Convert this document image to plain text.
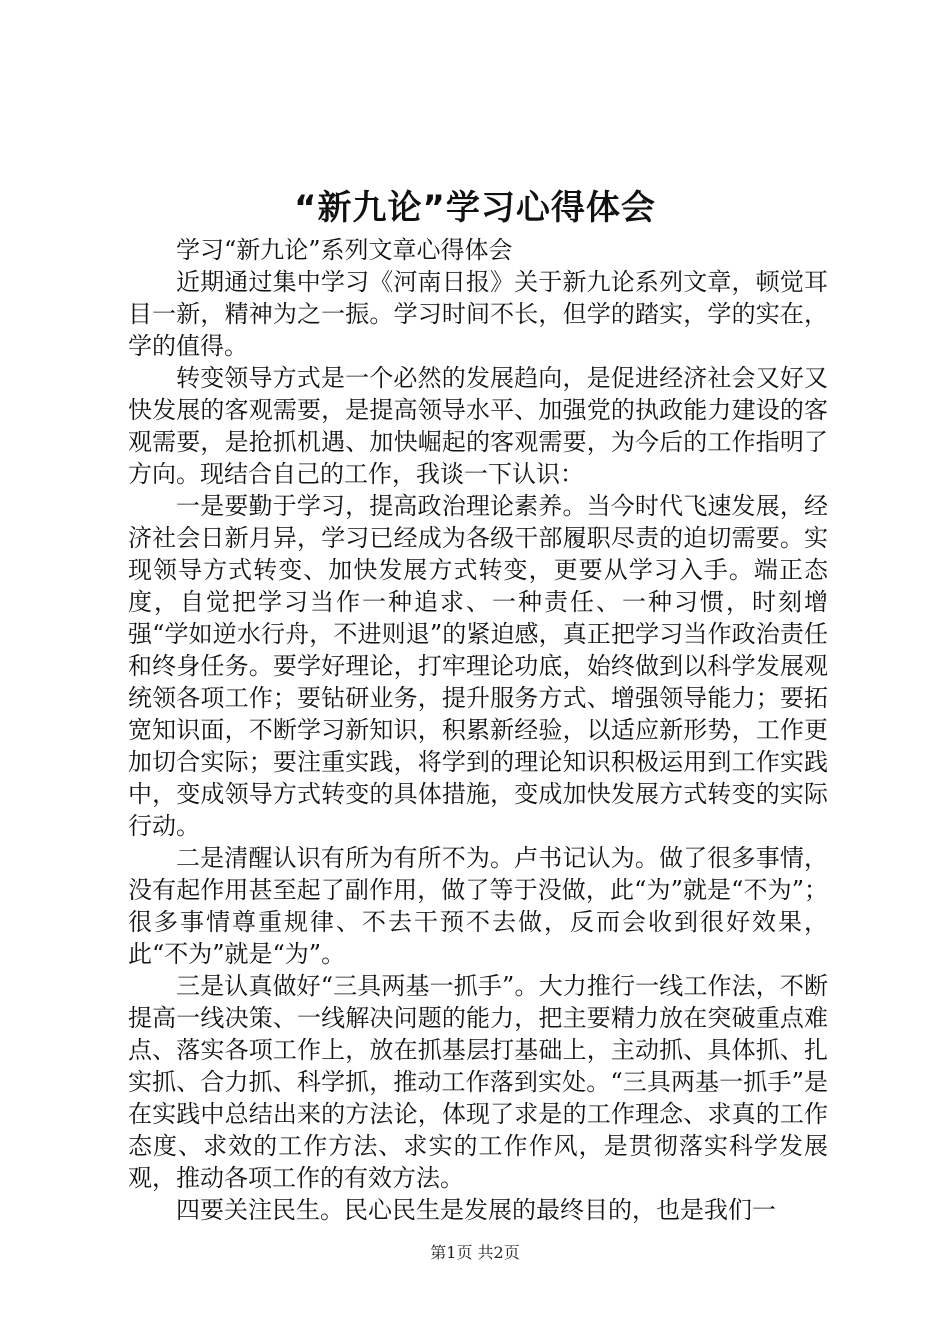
“新九论”学习心得体会

学习“新九论”系列文章心得体会

近期通过集中学习《河南日报》关于新九论系列文章，顿觉耳目一新，精神为之一振。学习时间不长，但学的踏实，学的实在，学的值得。

转变领导方式是一个必然的发展趋向，是促进经济社会又好又快发展的客观需要，是提高领导水平、加强党的执政能力建设的客观需要，是抢抓机遇、加快崛起的客观需要，为今后的工作指明了方向。现结合自己的工作，我谈一下认识：

一是要勤于学习，提高政治理论素养。当今时代飞速发展，经济社会日新月异，学习已经成为各级干部履职尽责的迫切需要。实现领导方式转变、加快发展方式转变，更要从学习入手。端正态度，自觉把学习当作一种追求、一种责任、一种习惯，时刻增强“学如逆水行舟，不进则退”的紧迫感，真正把学习当作政治责任和终身任务。要学好理论，打牢理论功底，始终做到以科学发展观统领各项工作；要钻研业务，提升服务方式、增强领导能力；要拓宽知识面，不断学习新知识，积累新经验，以适应新形势，工作更加切合实际；要注重实践，将学到的理论知识积极运用到工作实践中，变成领导方式转变的具体措施，变成加快发展方式转变的实际行动。

二是清醒认识有所为有所不为。卢书记认为。做了很多事情，没有起作用甚至起了副作用，做了等于没做，此“为”就是“不为”；很多事情尊重规律、不去干预不去做，反而会收到很好效果，此“不为”就是“为”。

三是认真做好“三具两基一抓手”。大力推行一线工作法，不断提高一线决策、一线解决问题的能力，把主要精力放在突破重点难点、落实各项工作上，放在抓基层打基础上，主动抓、具体抓、扎实抓、合力抓、科学抓，推动工作落到实处。“三具两基一抓手”是在实践中总结出来的方法论，体现了求是的工作理念、求真的工作态度、求效的工作方法、求实的工作作风，是贯彻落实科学发展观，推动各项工作的有效方法。

四要关注民生。民心民生是发展的最终目的，也是我们一

第1页 共2页
